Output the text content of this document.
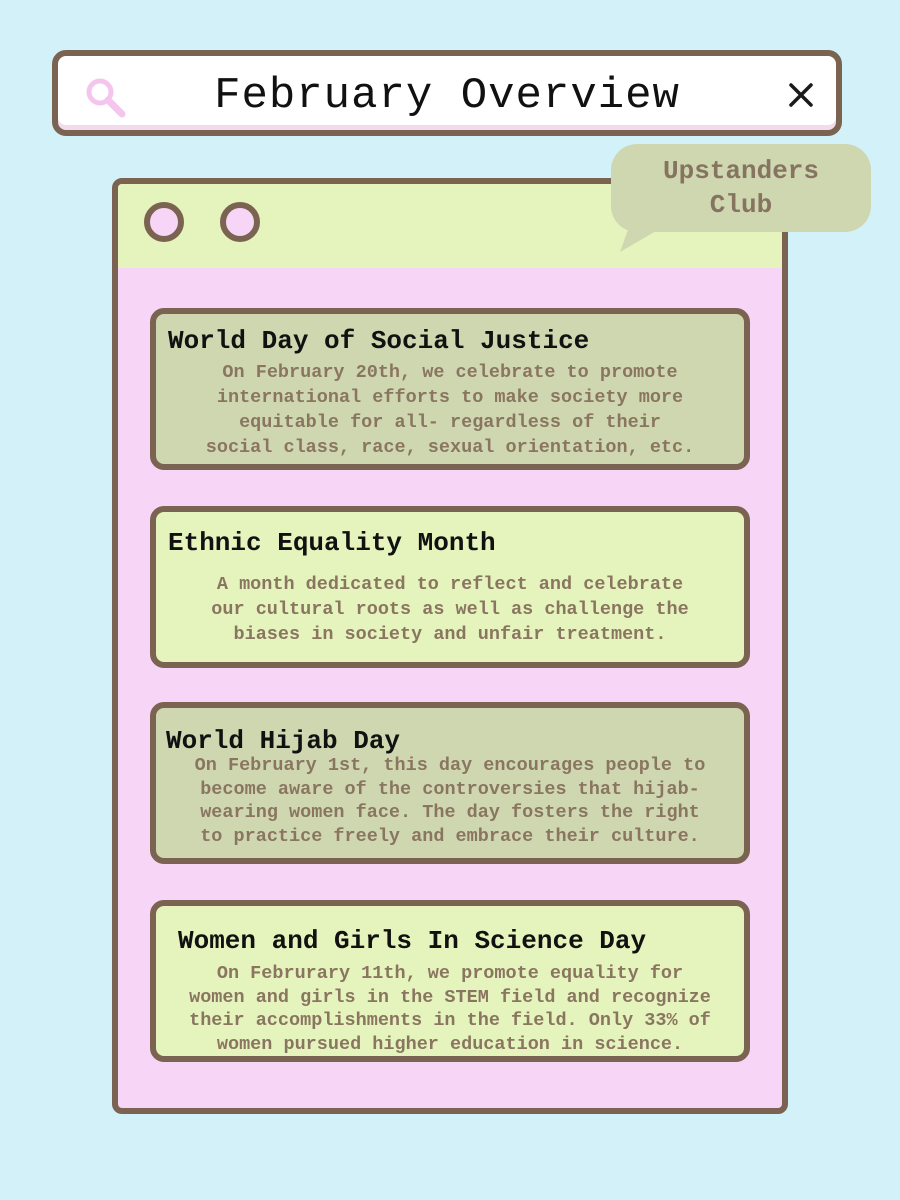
February Overview
Upstanders
Club
World Day of Social Justice
On February 20th, we celebrate to promote
international efforts to make society more
equitable for all- regardless of their
social class, race, sexual orientation, etc.
Ethnic Equality Month
A month dedicated to reflect and celebrate
our cultural roots as well as challenge the
biases in society and unfair treatment.
World Hijab Day
On February 1st, this day encourages people to
become aware of the controversies that hijab-
wearing women face. The day fosters the right
to practice freely and embrace their culture.
Women and Girls In Science Day
On Februrary 11th, we promote equality for
women and girls in the STEM field and recognize
their accomplishments in the field. Only 33% of
women pursued higher education in science.
